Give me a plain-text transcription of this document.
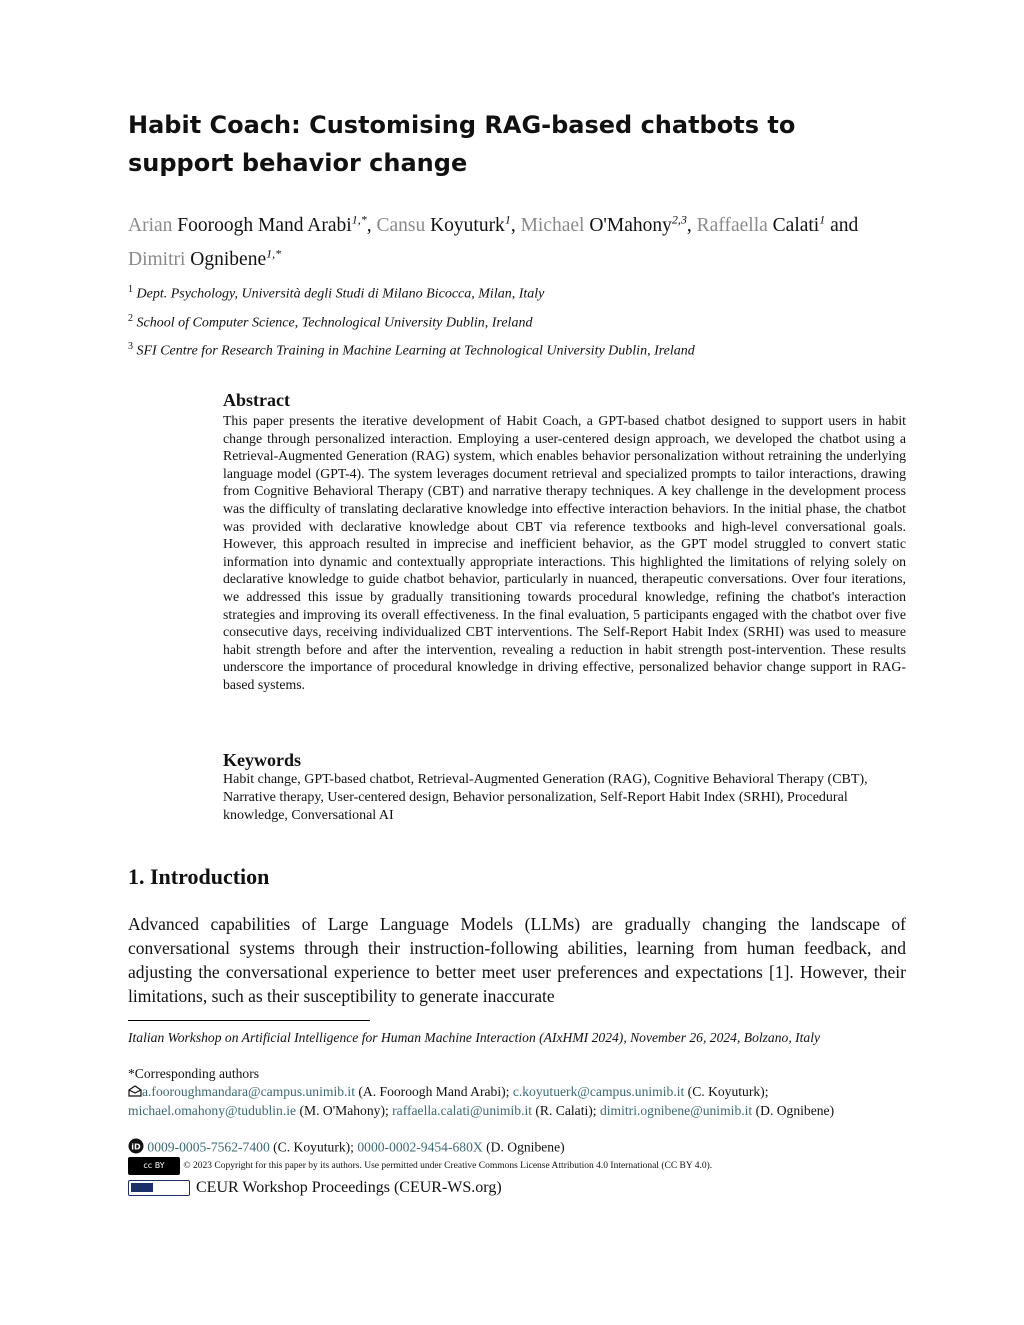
Habit Coach: Customising RAG-based chatbots to support behavior change
Arian Fooroogh Mand Arabi$^{1,*}$, Cansu Koyuturk$^1$, Michael O'Mahony$^{2,3}$, Raffaella Calati$^1$ and
Dimitri Ognibene$^{1,*}$
$^1$ Dept. Psychology, Università degli Studi di Milano Bicocca, Milan, Italy
$^2$ School of Computer Science, Technological University Dublin, Ireland
$^3$ SFI Centre for Research Training in Machine Learning at Technological University Dublin, Ireland
Abstract
This paper presents the iterative development of Habit Coach, a GPT-based chatbot designed to support users in habit change through personalized interaction. Employing a user-centered design approach, we developed the chatbot using a Retrieval-Augmented Generation (RAG) system, which enables behavior personalization without retraining the underlying language model (GPT-4). The system leverages document retrieval and specialized prompts to tailor interactions, drawing from Cognitive Behavioral Therapy (CBT) and narrative therapy techniques. A key challenge in the development process was the difficulty of translating declarative knowledge into effective interaction behaviors. In the initial phase, the chatbot was provided with declarative knowledge about CBT via reference textbooks and high-level conversational goals. However, this approach resulted in imprecise and inefficient behavior, as the GPT model struggled to convert static information into dynamic and contextually appropriate interactions. This highlighted the limitations of relying solely on declarative knowledge to guide chatbot behavior, particularly in nuanced, therapeutic conversations. Over four iterations, we addressed this issue by gradually transitioning towards procedural knowledge, refining the chatbot's interaction strategies and improving its overall effectiveness. In the final evaluation, 5 participants engaged with the chatbot over five consecutive days, receiving individualized CBT interventions. The Self-Report Habit Index (SRHI) was used to measure habit strength before and after the intervention, revealing a reduction in habit strength post-intervention. These results underscore the importance of procedural knowledge in driving effective, personalized behavior change support in RAG-based systems.
Keywords
Habit change, GPT-based chatbot, Retrieval-Augmented Generation (RAG), Cognitive Behavioral Therapy (CBT), Narrative therapy, User-centered design, Behavior personalization, Self-Report Habit Index (SRHI), Procedural knowledge, Conversational AI
1. Introduction
Advanced capabilities of Large Language Models (LLMs) are gradually changing the landscape of conversational systems through their instruction-following abilities, learning from human feedback, and adjusting the conversational experience to better meet user preferences and expectations [1]. However, their limitations, such as their susceptibility to generate inaccurate
Italian Workshop on Artificial Intelligence for Human Machine Interaction (AIxHMI 2024), November 26, 2024, Bolzano, Italy
*Corresponding authors
a.fooroughmandara@campus.unimib.it (A. Fooroogh Mand Arabi); c.koyutuerk@campus.unimib.it (C. Koyuturk);
michael.omahony@tudublin.ie (M. O'Mahony); raffaella.calati@unimib.it (R. Calati); dimitri.ognibene@unimib.it (D. Ognibene)
iD 0009-0005-7562-7400 (C. Koyuturk); 0000-0002-9454-680X (D. Ognibene)
cc BY © 2023 Copyright for this paper by its authors. Use permitted under Creative Commons License Attribution 4.0 International (CC BY 4.0).
CEUR Workshop Proceedings (CEUR-WS.org)
